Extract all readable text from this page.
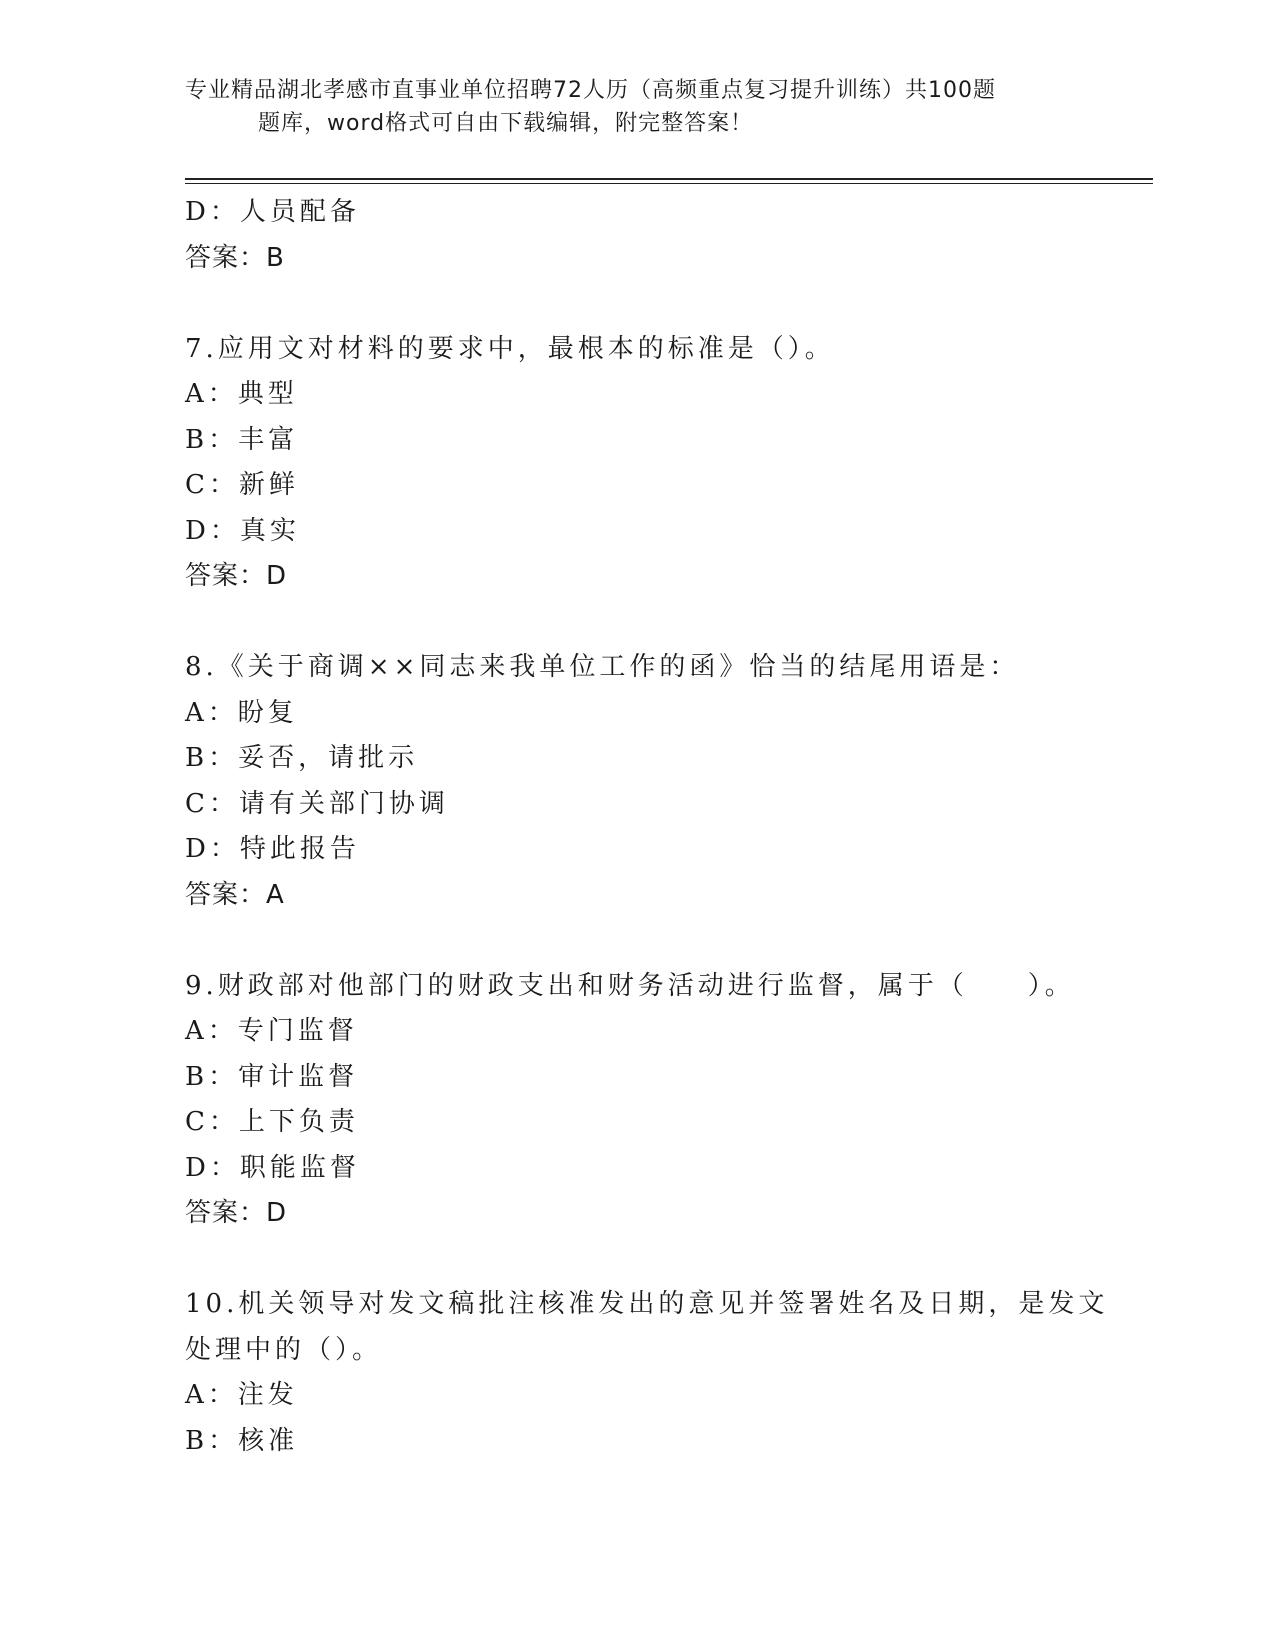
专业精品湖北孝感市直事业单位招聘72人历（高频重点复习提升训练）共100题
题库，word格式可自由下载编辑，附完整答案！
D：人员配备
答案：B
7.应用文对材料的要求中，最根本的标准是（）。
A：典型
B：丰富
C：新鲜
D：真实
答案：D
8.《关于商调××同志来我单位工作的函》恰当的结尾用语是：
A：盼复
B：妥否，请批示
C：请有关部门协调
D：特此报告
答案：A
9.财政部对他部门的财政支出和财务活动进行监督，属于（　　）。
A：专门监督
B：审计监督
C：上下负责
D：职能监督
答案：D
10.机关领导对发文稿批注核准发出的意见并签署姓名及日期，是发文
处理中的（）。
A：注发
B：核准
